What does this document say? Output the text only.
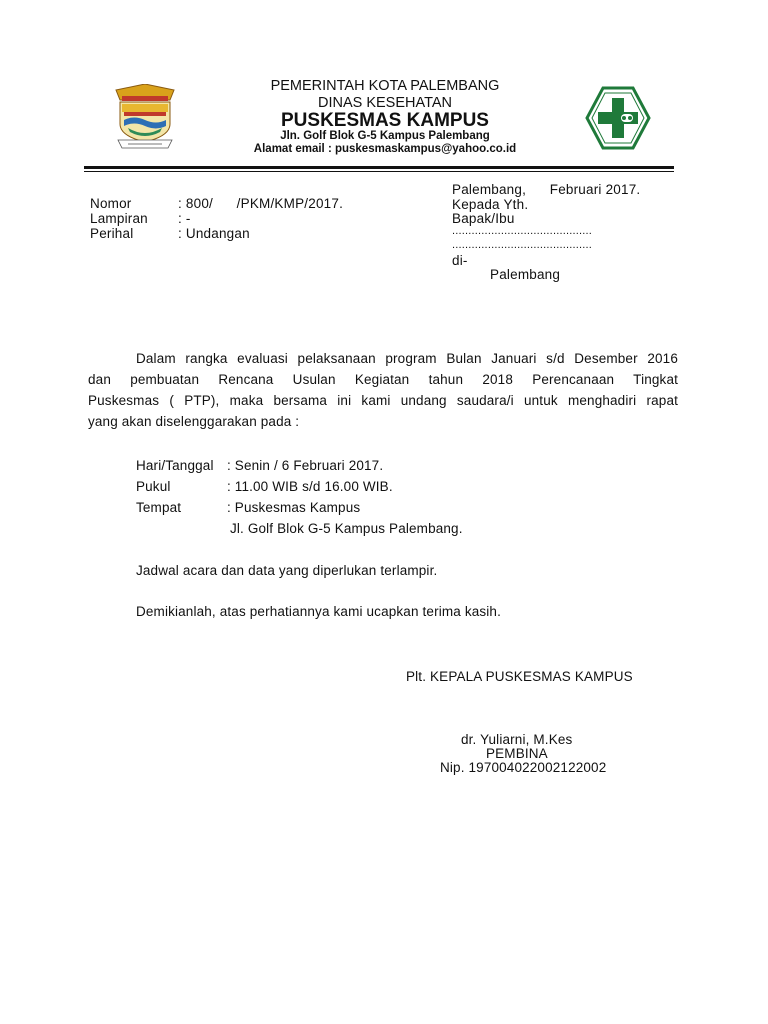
PEMERINTAH KOTA PALEMBANG
DINAS KESEHATAN
PUSKESMAS KAMPUS
Jln. Golf Blok G-5 Kampus Palembang
Alamat email : puskesmaskampus@yahoo.co.id
Nomor	: 800/      /PKM/KMP/2017.
Lampiran : -
Perihal	: Undangan
Palembang,      Februari 2017.
Kepada Yth.
Bapak/Ibu
...........................................
...........................................
di-
Palembang
Dalam rangka evaluasi pelaksanaan program Bulan Januari s/d Desember 2016
dan pembuatan Rencana Usulan Kegiatan tahun 2018 Perencanaan Tingkat
Puskesmas ( PTP), maka bersama ini kami undang saudara/i untuk menghadiri rapat
yang akan diselenggarakan pada :
Hari/Tanggal : Senin / 6 Februari 2017.
Pukul	: 11.00 WIB s/d 16.00 WIB.
Tempat	: Puskesmas Kampus
Jl. Golf Blok G-5 Kampus Palembang.
Jadwal acara dan data yang diperlukan terlampir.
Demikianlah, atas perhatiannya kami ucapkan terima kasih.
Plt. KEPALA PUSKESMAS KAMPUS
dr. Yuliarni, M.Kes
PEMBINA
Nip. 197004022002122002
